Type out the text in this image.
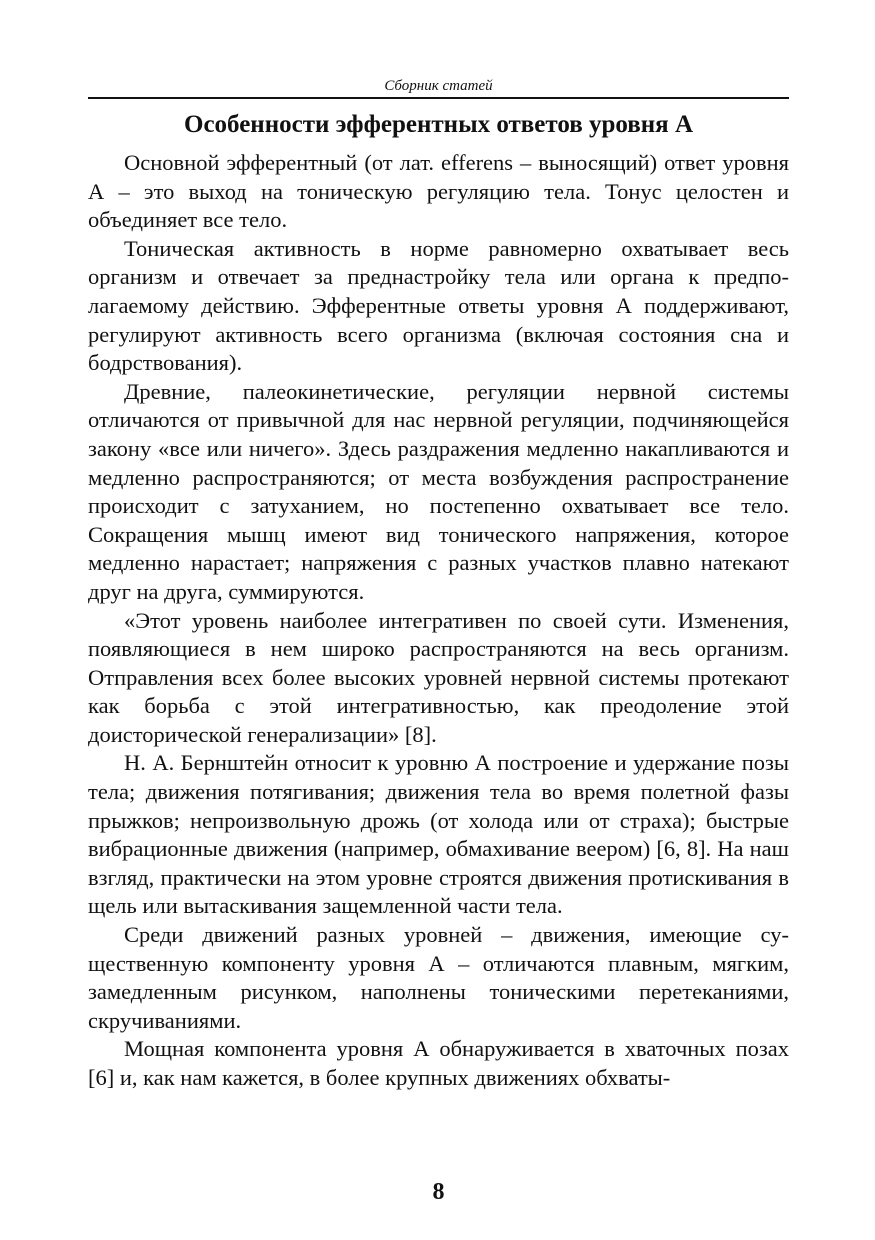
Сборник статей
Особенности эфферентных ответов уровня А

Основной эфферентный (от лат. efferens – выносящий) ответ уровня А – это выход на тоническую регуляцию тела. Тонус целостен и объединяет все тело.

Тоническая активность в норме равномерно охватывает весь организм и отвечает за преднастройку тела или органа к предполагаемому действию. Эфферентные ответы уровня А поддерживают, регулируют активность всего организма (включая состояния сна и бодрствования).

Древние, палеокинетические, регуляции нервной системы отличаются от привычной для нас нервной регуляции, подчиняющейся закону «все или ничего». Здесь раздражения медленно накапливаются и медленно распространяются; от места возбуждения распространение происходит с затуханием, но постепенно охватывает все тело. Сокращения мышц имеют вид тонического напряжения, которое медленно нарастает; напряжения с разных участков плавно натекают друг на друга, суммируются.

«Этот уровень наиболее интегративен по своей сути. Изменения, появляющиеся в нем широко распространяются на весь организм. Отправления всех более высоких уровней нервной системы протекают как борьба с этой интегративностью, как преодоление этой доисторической генерализации» [8].

Н. А. Бернштейн относит к уровню А построение и удержание позы тела; движения потягивания; движения тела во время полетной фазы прыжков; непроизвольную дрожь (от холода или от страха); быстрые вибрационные движения (например, обмахивание веером) [6, 8]. На наш взгляд, практически на этом уровне строятся движения протискивания в щель или вытаскивания защемленной части тела.

Среди движений разных уровней – движения, имеющие существенную компоненту уровня А – отличаются плавным, мягким, замедленным рисунком, наполнены тоническими перетеканиями, скручиваниями.

Мощная компонента уровня А обнаруживается в хваточных позах [6] и, как нам кажется, в более крупных движениях обхваты-

8
